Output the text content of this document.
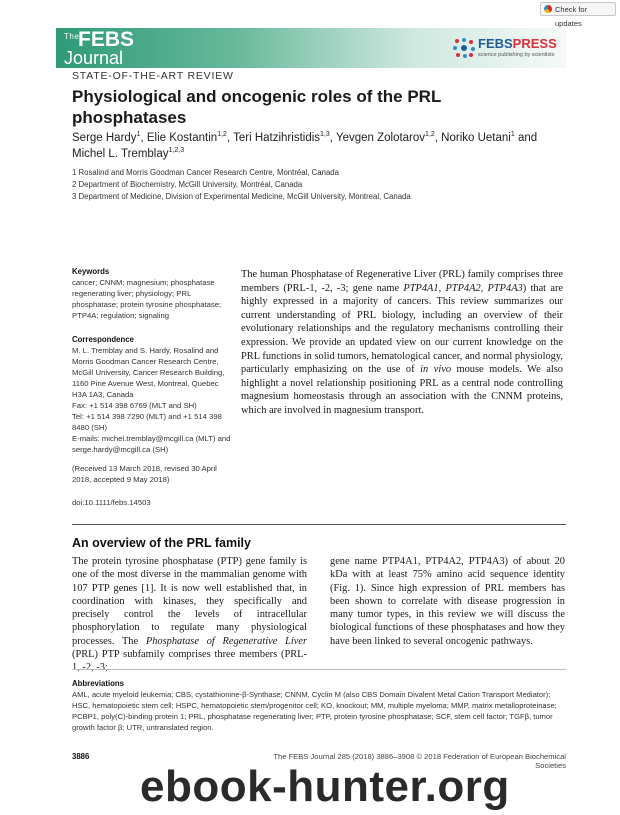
Check for updates
The
FEBS
Journal
FEBSPRESS
science publishing by scientists
STATE-OF-THE-ART REVIEW
Physiological and oncogenic roles of the PRL phosphatases
Serge Hardy$^1$, Elie Kostantin$^{1,2}$, Teri Hatzihristidis$^{1,3}$, Yevgen Zolotarov$^{1,2}$, Noriko Uetani$^1$ and Michel L. Tremblay$^{1,2,3}$
1 Rosalind and Morris Goodman Cancer Research Centre, Montréal, Canada
2 Department of Biochemistry, McGill University, Montréal, Canada
3 Department of Medicine, Division of Experimental Medicine, McGill University, Montreal, Canada
Keywords
cancer; CNNM; magnesium; phosphatase regenerating liver; physiology; PRL phosphatase; protein tyrosine phosphatase; PTP4A; regulation; signaling
Correspondence
M. L. Tremblay and S. Hardy, Rosalind and Morris Goodman Cancer Research Centre, McGill University, Cancer Research Building, 1160 Pine Avenue West, Montreal, Quebec H3A 1A3, Canada
Fax: +1 514 398 6769 (MLT and SH)
Tel: +1 514 398 7290 (MLT) and +1 514 398 8480 (SH)
E-mails: michel.tremblay@mcgill.ca (MLT) and serge.hardy@mcgill.ca (SH)
(Received 13 March 2018, revised 30 April 2018, accepted 9 May 2018)
doi:10.1111/febs.14503
The human Phosphatase of Regenerative Liver (PRL) family comprises three members (PRL-1, -2, -3; gene name PTP4A1, PTP4A2, PTP4A3) that are highly expressed in a majority of cancers. This review summarizes our current understanding of PRL biology, including an overview of their evolutionary relationships and the regulatory mechanisms controlling their expression. We provide an updated view on our current knowledge on the PRL functions in solid tumors, hematological cancer, and normal physiology, particularly emphasizing on the use of in vivo mouse models. We also highlight a novel relationship positioning PRL as a central node controlling magnesium homeostasis through an association with the CNNM proteins, which are involved in magnesium transport.
An overview of the PRL family
The protein tyrosine phosphatase (PTP) gene family is one of the most diverse in the mammalian genome with 107 PTP genes [1]. It is now well established that, in coordination with kinases, they specifically and precisely control the levels of intracellular phosphorylation to regulate many physiological processes. The Phosphatase of Regenerative Liver (PRL) PTP subfamily comprises three members (PRL-1, -2, -3;
gene name PTP4A1, PTP4A2, PTP4A3) of about 20 kDa with at least 75% amino acid sequence identity (Fig. 1). Since high expression of PRL members has been shown to correlate with disease progression in many tumor types, in this review we will discuss the biological functions of these phosphatases and how they have been linked to several oncogenic pathways.
Abbreviations
AML, acute myeloid leukemia; CBS, cystathionine-β-Synthase; CNNM, Cyclin M (also CBS Domain Divalent Metal Cation Transport Mediator); HSC, hematopoietic stem cell; HSPC, hematopoietic stem/progenitor cell; KO, knockout; MM, multiple myeloma; MMP, matrix metalloproteinase; PCBP1, poly(C)-binding protein 1; PRL, phosphatase regenerating liver; PTP, protein tyrosine phosphatase; SCF, stem cell factor; TGFβ, tumor growth factor β; UTR, untranslated region.
3886	The FEBS Journal 285 (2018) 3886–3908 © 2018 Federation of European Biochemical Societies
ebook-hunter.org
